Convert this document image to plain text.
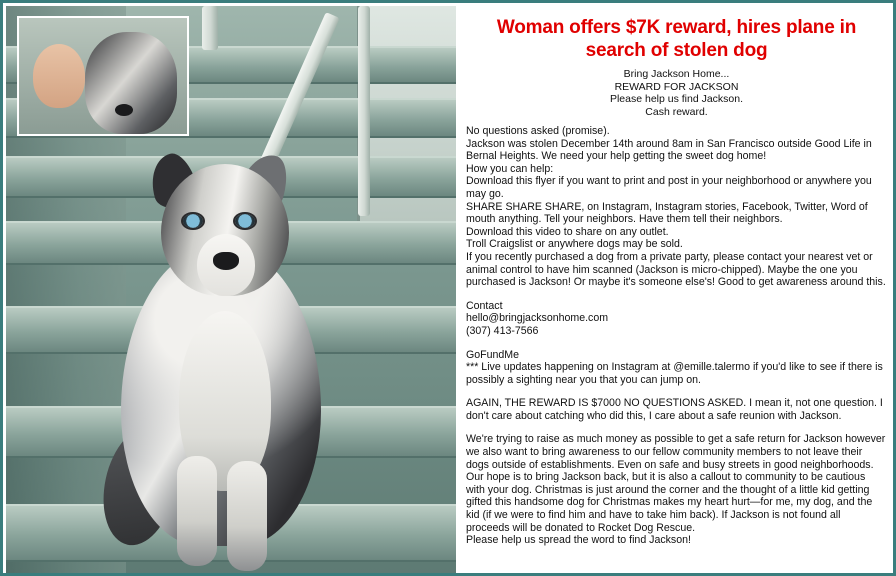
Woman offers $7K reward, hires plane in search of stolen dog
Bring Jackson Home...
REWARD FOR JACKSON
Please help us find Jackson.
Cash reward.

No questions asked (promise).

Jackson was stolen December 14th around 8am in San Francisco outside Good Life in Bernal Heights. We need your help getting the sweet dog home!

How you can help:

Download this flyer if you want to print and post in your neighborhood or anywhere you may go.

SHARE SHARE SHARE, on Instagram, Instagram stories, Facebook, Twitter, Word of mouth anything. Tell your neighbors. Have them tell their neighbors.

Download this video to share on any outlet.

Troll Craigslist or anywhere dogs may be sold.

If you recently purchased a dog from a private party, please contact your nearest vet or animal control to have him scanned (Jackson is micro-chipped). Maybe the one you purchased is Jackson! Or maybe it's someone else's! Good to get awareness around this.

Contact

hello@bringjacksonhome.com

(307) 413-7566

GoFundMe

*** Live updates happening on Instagram at @emille.talermo if you'd like to see if there is possibly a sighting near you that you can jump on.

AGAIN, THE REWARD IS $7000 NO QUESTIONS ASKED. I mean it, not one question. I don't care about catching who did this, I care about a safe reunion with Jackson.

We're trying to raise as much money as possible to get a safe return for Jackson however we also want to bring awareness to our fellow community members to not leave their dogs outside of establishments. Even on safe and busy streets in good neighborhoods.

Our hope is to bring Jackson back, but it is also a callout to community to be cautious with your dog. Christmas is just around the corner and the thought of a little kid getting gifted this handsome dog for Christmas makes my heart hurt—for me, my dog, and the kid (if we were to find him and have to take him back). If Jackson is not found all proceeds will be donated to Rocket Dog Rescue.

Please help us spread the word to find Jackson!
